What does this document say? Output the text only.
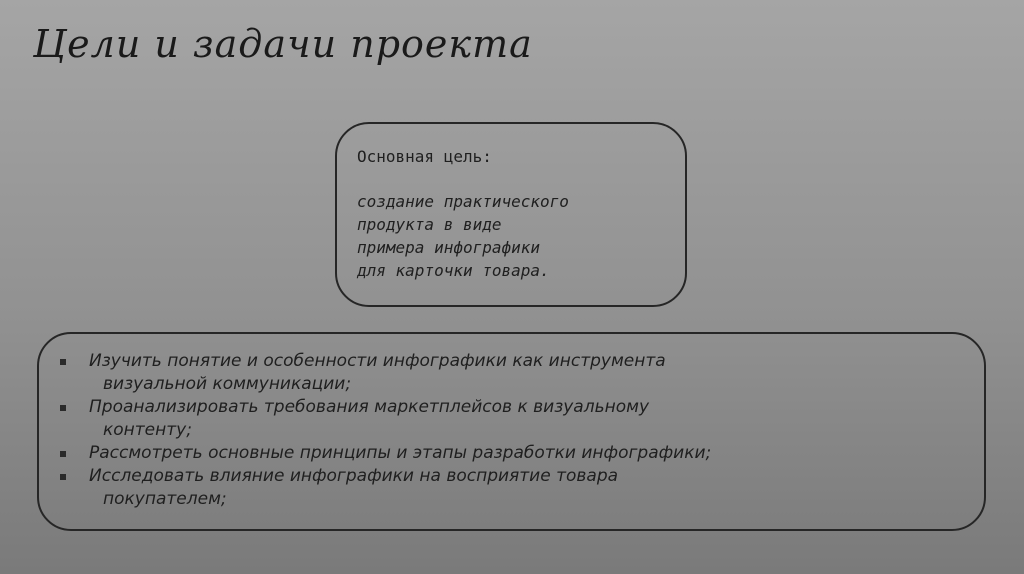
Цели и задачи проекта
Основная цель:
создание практического
продукта в виде
примера инфографики
для карточки товара.
Изучить понятие и особенности инфографики как инструмента
визуальной коммуникации;
Проанализировать требования маркетплейсов к визуальному
контенту;
Рассмотреть основные принципы и этапы разработки инфографики;
Исследовать влияние инфографики на восприятие товара
покупателем;
